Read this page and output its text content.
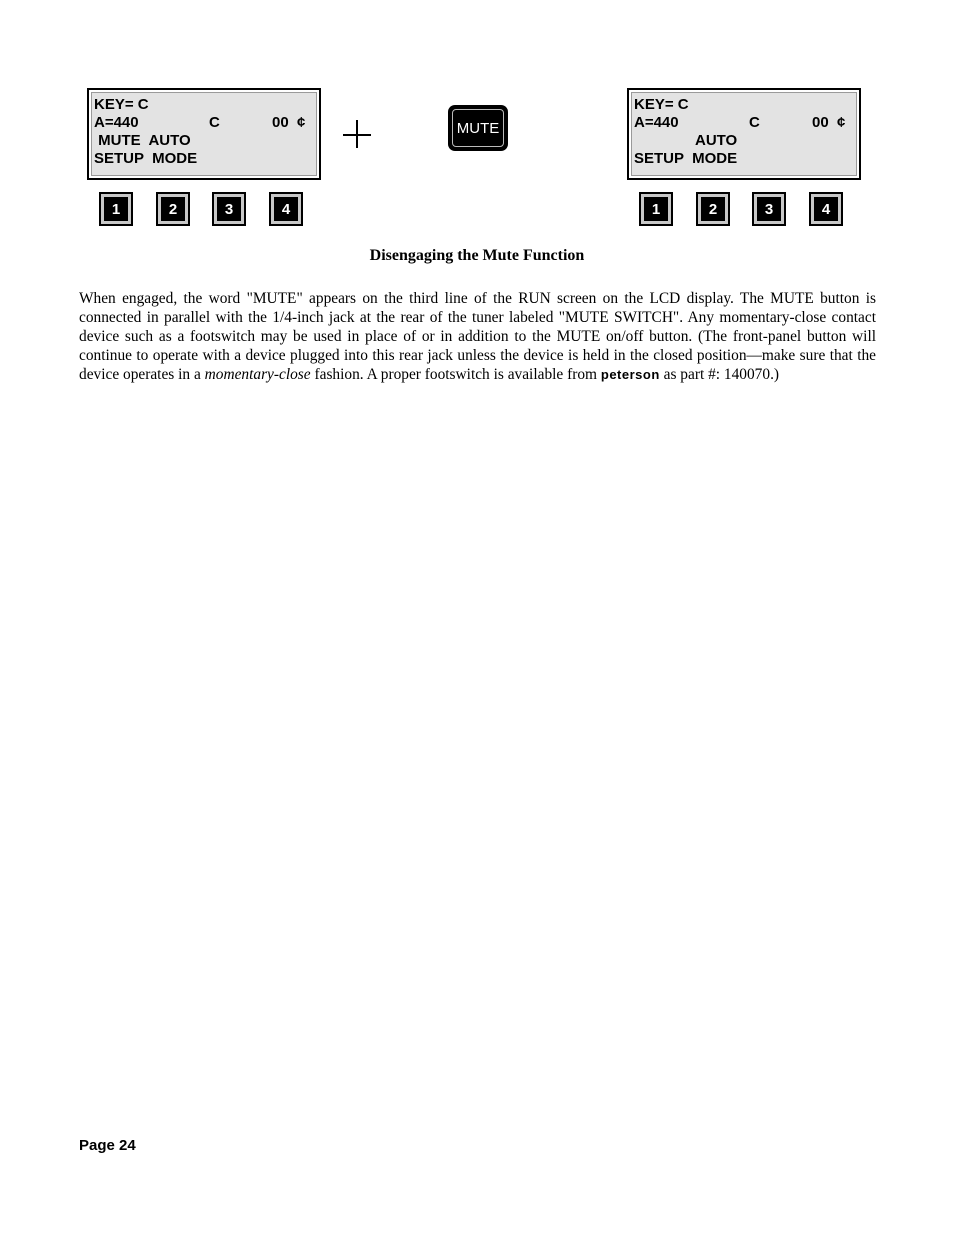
KEY= C
A=440	C	00  ¢
MUTE  AUTO
SETUP  MODE
1	2	3	4
MUTE
KEY= C
A=440	C	00  ¢
AUTO
SETUP  MODE
1	2	3	4
Disengaging the Mute Function
When engaged, the word "MUTE" appears on the third line of the RUN screen on the LCD display. The MUTE button is connected in parallel with the 1/4-inch jack at the rear of the tuner labeled "MUTE SWITCH". Any momentary-close contact device such as a footswitch may be used in place of or in addition to the MUTE on/off button. (The front-panel button will continue to operate with a device plugged into this rear jack unless the device is held in the closed position—make sure that the device operates in a momentary-close fashion. A proper footswitch is available from peterson as part #: 140070.)
Page 24
